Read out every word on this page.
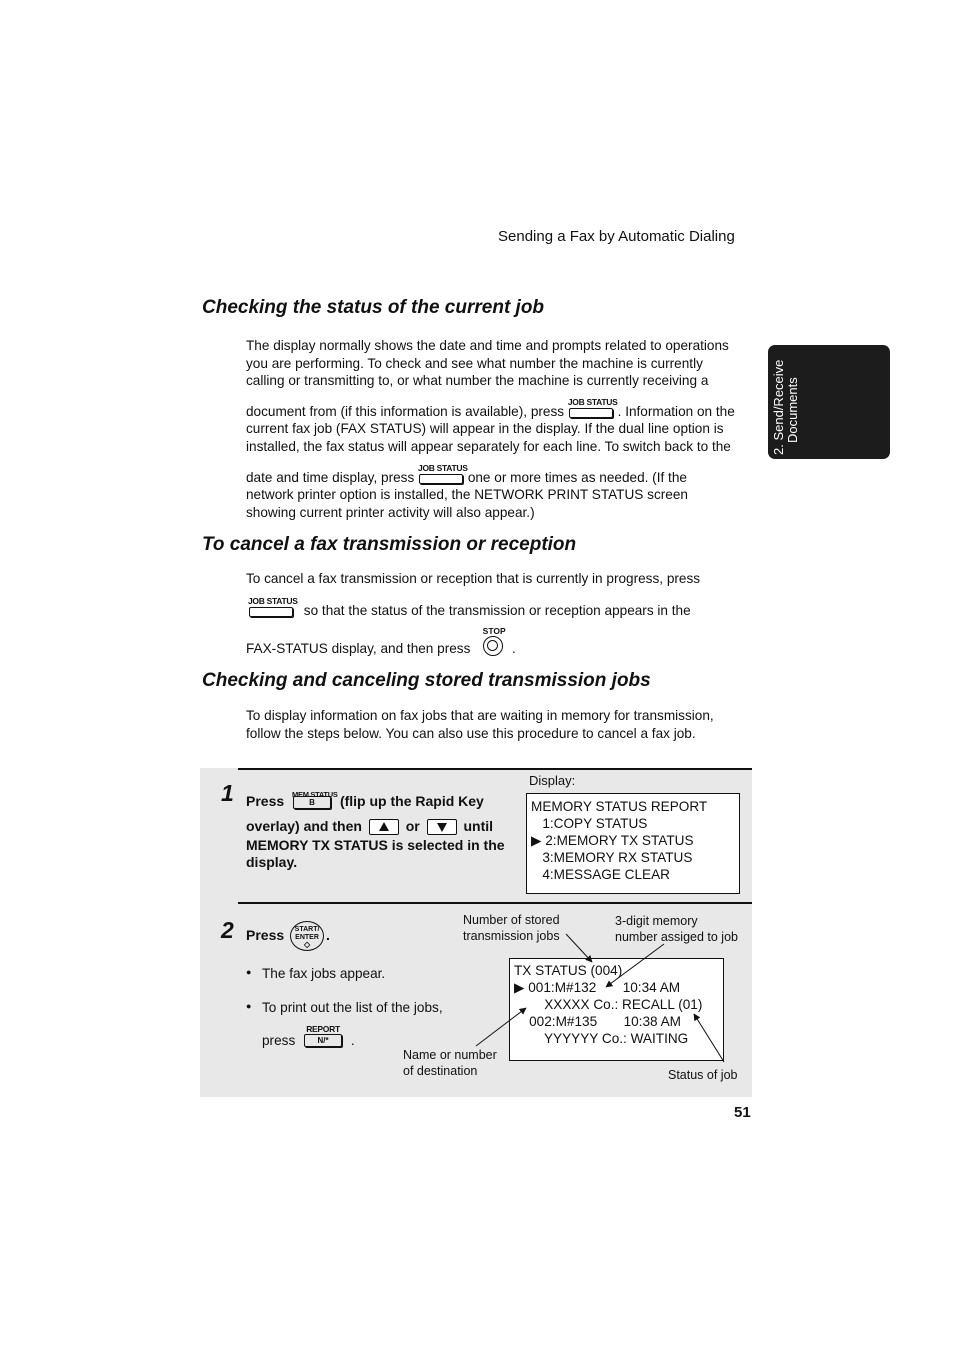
Sending a Fax by Automatic Dialing
2. Send/Receive Documents
Checking the status of the current job
The display normally shows the date and time and prompts related to operations you are performing. To check and see what number the machine is currently calling or transmitting to, or what number the machine is currently receiving a
document from (if this information is available), press
JOB STATUS
. Information on the
current fax job (FAX STATUS) will appear in the display. If the dual line option is installed, the fax status will appear separately for each line. To switch back to the
date and time display, press
JOB STATUS
one or more times as needed. (If the
network printer option is installed, the NETWORK PRINT STATUS screen showing current printer activity will also appear.)
To cancel a fax transmission or reception
To cancel a fax transmission or reception that is currently in progress, press
JOB STATUS
so that the status of the transmission or reception appears in the
FAX-STATUS display, and then press
STOP
.
Checking and canceling stored transmission jobs
To display information on fax jobs that are waiting in memory for transmission, follow the steps below. You can also use this procedure to cancel a fax job.
1 Press MEM.STATUS
B	(flip up the Rapid Key
overlay) and then	or	until
MEMORY TX STATUS is selected in the display.
Display:
MEMORY STATUS REPORT
1:COPY STATUS
▶ 2:MEMORY TX STATUS
3:MEMORY RX STATUS
4:MESSAGE CLEAR
2 Press	START/
ENTER
◇
.
● The fax jobs appear.
● To print out the list of the jobs,
press
REPORT
N/*	.
Number of stored
transmission jobs
3-digit memory
number assiged to job
Name or number
of destination	Status of job
TX STATUS (004)
▶ 001:M#132       10:34 AM
XXXXX Co.: RECALL (01)
002:M#135       10:38 AM
YYYYYY Co.: WAITING
51
